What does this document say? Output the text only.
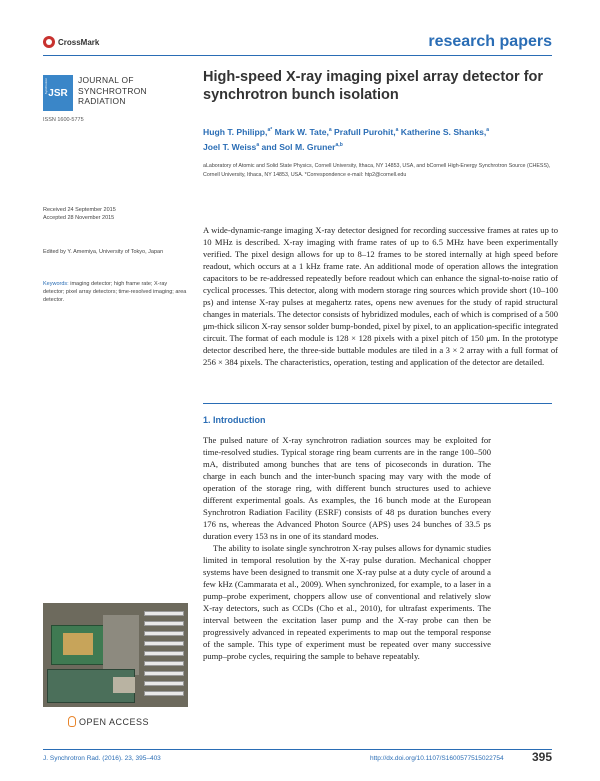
CrossMark	research papers
Synchrotron JSR
JOURNAL OF
SYNCHROTRON
RADIATION
ISSN 1600-5775
High-speed X-ray imaging pixel array detector for synchrotron bunch isolation
Hugh T. Philipp,$^{a*}$ Mark W. Tate,$^a$ Prafull Purohit,$^a$ Katherine S. Shanks,$^a$
Joel T. Weiss$^a$ and Sol M. Gruner$^{a,b}$
aLaboratory of Atomic and Solid State Physics, Cornell University, Ithaca, NY 14853, USA, and bCornell High-Energy Synchrotron Source (CHESS), Cornell University, Ithaca, NY 14853, USA. *Correspondence e-mail: htp2@cornell.edu
Received 24 September 2015
Accepted 28 November 2015
Edited by Y. Amemiya, University of Tokyo, Japan
Keywords: imaging detector; high frame rate; X-ray detector; pixel array detectors; time-resolved imaging; area detector.

A wide-dynamic-range imaging X-ray detector designed for recording successive frames at rates up to 10 MHz is described. X-ray imaging with frame rates of up to 6.5 MHz have been experimentally verified. The pixel design allows for up to 8–12 frames to be stored internally at high speed before readout, which occurs at a 1 kHz frame rate. An additional mode of operation allows the integration capacitors to be re-addressed repeatedly before readout which can enhance the signal-to-noise ratio of cyclical processes. This detector, along with modern storage ring sources which provide short (10–100 ps) and intense X-ray pulses at megahertz rates, opens new avenues for the study of rapid structural changes in materials. The detector consists of hybridized modules, each of which is comprised of a 500 μm-thick silicon X-ray sensor solder bump-bonded, pixel by pixel, to an application-specific integrated circuit. The format of each module is 128 × 128 pixels with a pixel pitch of 150 μm. In the prototype detector described here, the three-side buttable modules are tiled in a 3 × 2 array with a full format of 256 × 384 pixels. The characteristics, operation, testing and application of the detector are detailed.

1. Introduction

The pulsed nature of X-ray synchrotron radiation sources may be exploited for time-resolved studies. Typical storage ring beam currents are in the range 100–500 mA, distributed among bunches that are tens of picoseconds in duration. The charge in each bunch and the inter-bunch spacing may vary with the mode of operation of the storage ring, with different bunch structures used to achieve different experimental goals. As examples, the 16 bunch mode at the European Synchrotron Radiation Facility (ESRF) consists of 48 ps duration bunches every 176 ns, whereas the Advanced Photon Source (APS) uses 24 bunches of 33.5 ps duration every 153 ns in one of its standard modes.

The ability to isolate single synchrotron X-ray pulses allows for dynamic studies limited in temporal resolution by the X-ray pulse duration. Mechanical chopper systems have been designed to transmit one X-ray pulse at a duty cycle of around a few kHz (Cammarata et al., 2009). When synchronized, for example, to a laser in a pump–probe experiment, choppers allow use of conventional and relatively slow X-ray detectors, such as CCDs (Cho et al., 2010), for ultrafast experiments. The interval between the excitation laser pump and the X-ray probe can then be progressively advanced in repeated experiments to map out the temporal response of the sample. This type of experiment must be repeated over many successive pump–probe cycles, requiring the sample to behave repeatably.

OPEN ACCESS
J. Synchrotron Rad. (2016). 23, 395–403	http://dx.doi.org/10.1107/S1600577515022754 395
